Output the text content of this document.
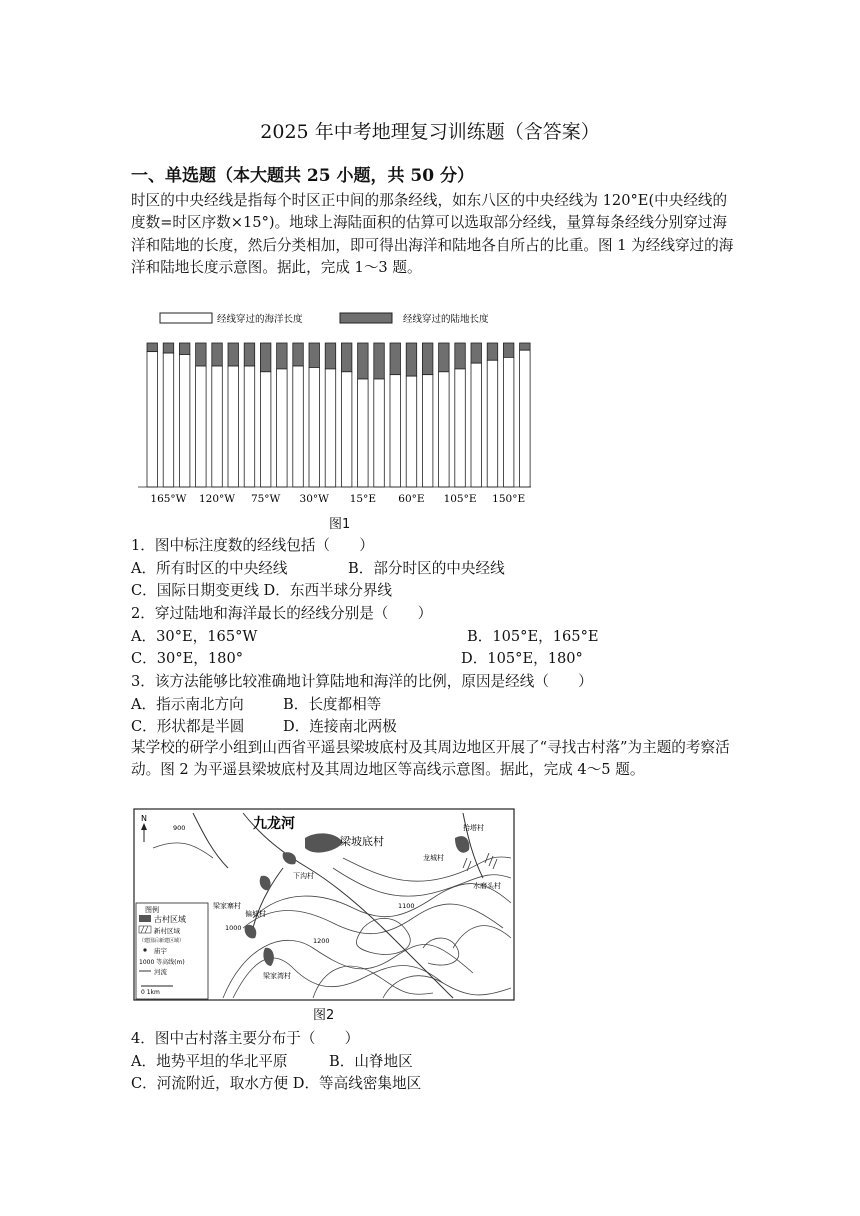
2025 年中考地理复习训练题（含答案）
一、单选题（本大题共 25 小题，共 50 分）
时区的中央经线是指每个时区正中间的那条经线，如东八区的中央经线为 120°E(中央经线的度数=时区序数×15°)。地球上海陆面积的估算可以选取部分经线，量算每条经线分别穿过海洋和陆地的长度，然后分类相加，即可得出海洋和陆地各自所占的比重。图 1 为经线穿过的海洋和陆地长度示意图。据此，完成 1～3 题。
经线穿过的海洋长度	经线穿过的陆地长度
165°W 120°W 75°W 30°W 15°E 60°E 105°E 150°E
图1
1．图中标注度数的经线包括（　　）
A．所有时区的中央经线	B．部分时区的中央经线
C．国际日期变更线 D．东西半球分界线
2．穿过陆地和海洋最长的经线分别是（　　）
A．30°E，165°W	B．105°E，165°E
C．30°E，180°	D．105°E，180°
3．该方法能够比较准确地计算陆地和海洋的比例，原因是经线（　　）
A．指示南北方向	B．长度都相等
C．形状都是半圆	D．连接南北两极
某学校的研学小组到山西省平遥县梁坡底村及其周边地区开展了“寻找古村落”为主题的考察活动。图 2 为平遥县梁坡底村及其周边地区等高线示意图。据此，完成 4～5 题。
N	九龙河
梁坡底村
拾塔村
龙城村
水磨头村
下沟村
梁家寨村
偏城村
梁家湾村
900
1000
1100
1200
图例
古村区域
新村区域
（建国后新建区域）
庙宇
1000 等高线(m)
河流
0 1km
图2
4．图中古村落主要分布于（　　）
A．地势平坦的华北平原	B．山脊地区
C．河流附近，取水方便 D．等高线密集地区
